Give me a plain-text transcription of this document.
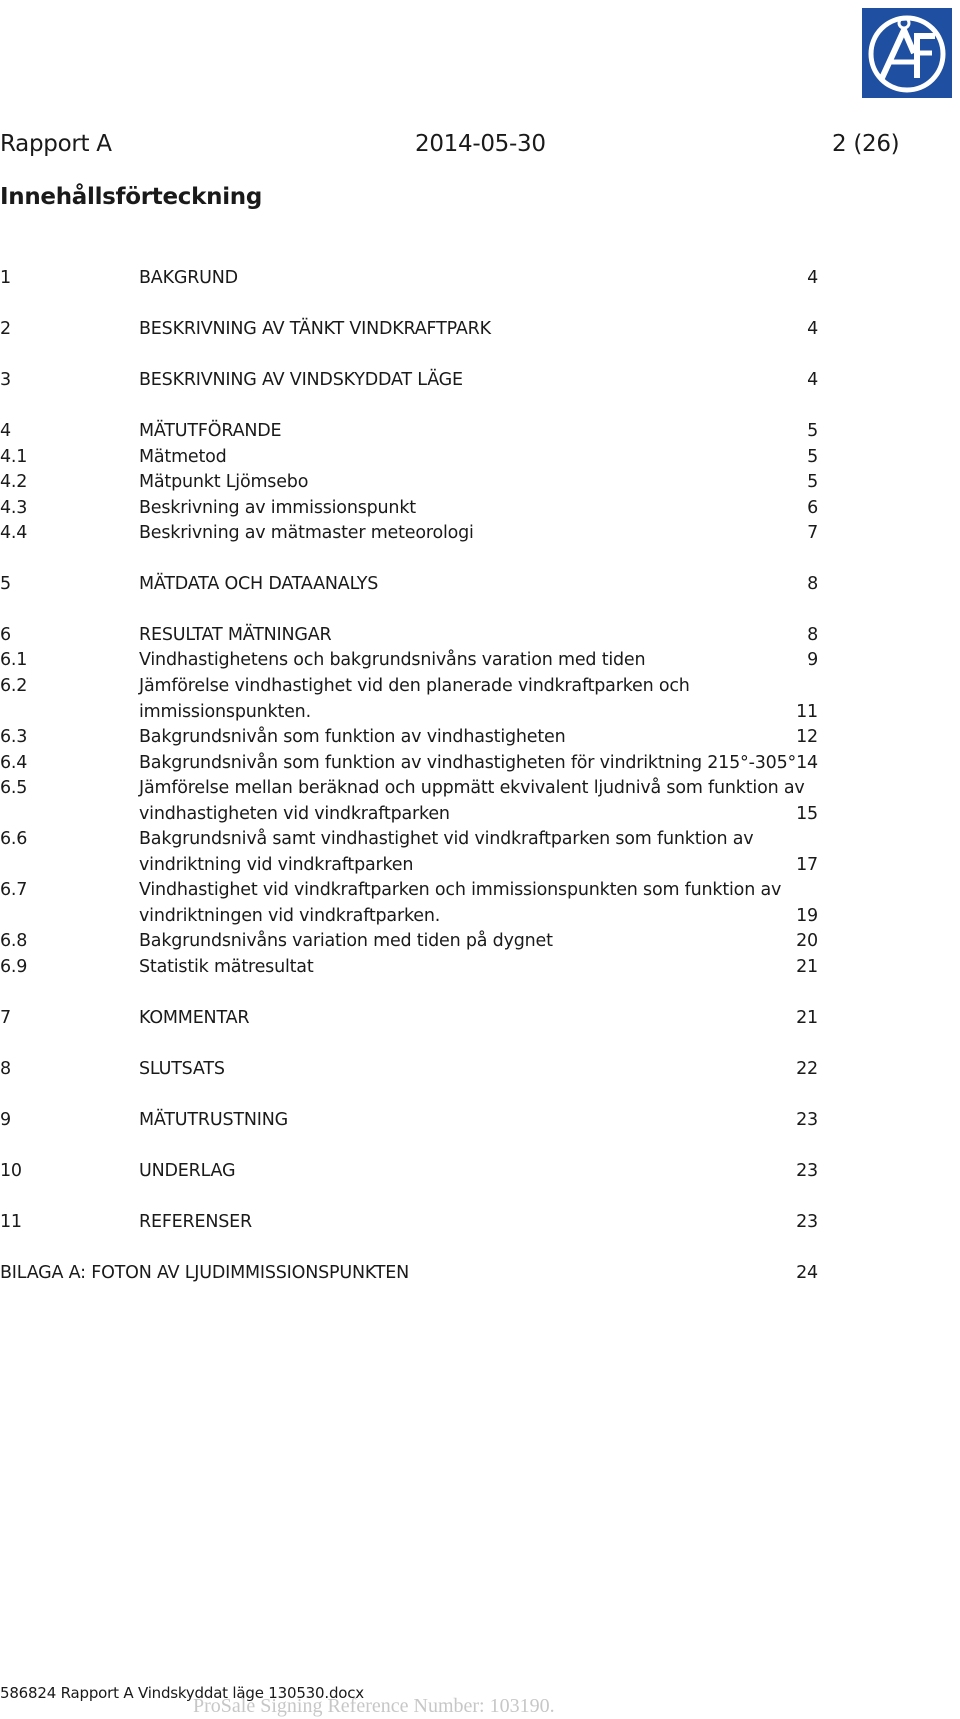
Rapport A	2014-05-30	2 (26)
Innehållsförteckning
1	BAKGRUND	4
2	BESKRIVNING AV TÄNKT VINDKRAFTPARK	4
3	BESKRIVNING AV VINDSKYDDAT LÄGE	4
4	MÄTUTFÖRANDE	5
4.1	Mätmetod	5
4.2	Mätpunkt Ljömsebo	5
4.3	Beskrivning av immissionspunkt	6
4.4	Beskrivning av mätmaster meteorologi	7
5	MÄTDATA OCH DATAANALYS	8
6	RESULTAT MÄTNINGAR	8
6.1	Vindhastighetens och bakgrundsnivåns varation med tiden	9
6.2	Jämförelse vindhastighet vid den planerade vindkraftparken och
immissionspunkten.	11
6.3	Bakgrundsnivån som funktion av vindhastigheten	12
6.4	Bakgrundsnivån som funktion av vindhastigheten för vindriktning 215°-305° 14
6.5	Jämförelse mellan beräknad och uppmätt ekvivalent ljudnivå som funktion av
vindhastigheten vid vindkraftparken	15
6.6	Bakgrundsnivå samt vindhastighet vid vindkraftparken som funktion av
vindriktning vid vindkraftparken	17
6.7	Vindhastighet vid vindkraftparken och immissionspunkten som funktion av
vindriktningen vid vindkraftparken.	19
6.8	Bakgrundsnivåns variation med tiden på dygnet	20
6.9	Statistik mätresultat	21
7	KOMMENTAR	21
8	SLUTSATS	22
9	MÄTUTRUSTNING	23
10	UNDERLAG	23
11	REFERENSER	23
BILAGA A: FOTON AV LJUDIMMISSIONSPUNKTEN	24
586824 Rapport A Vindskyddat läge 130530.docx
ProSale Signing Reference Number: 103190.
